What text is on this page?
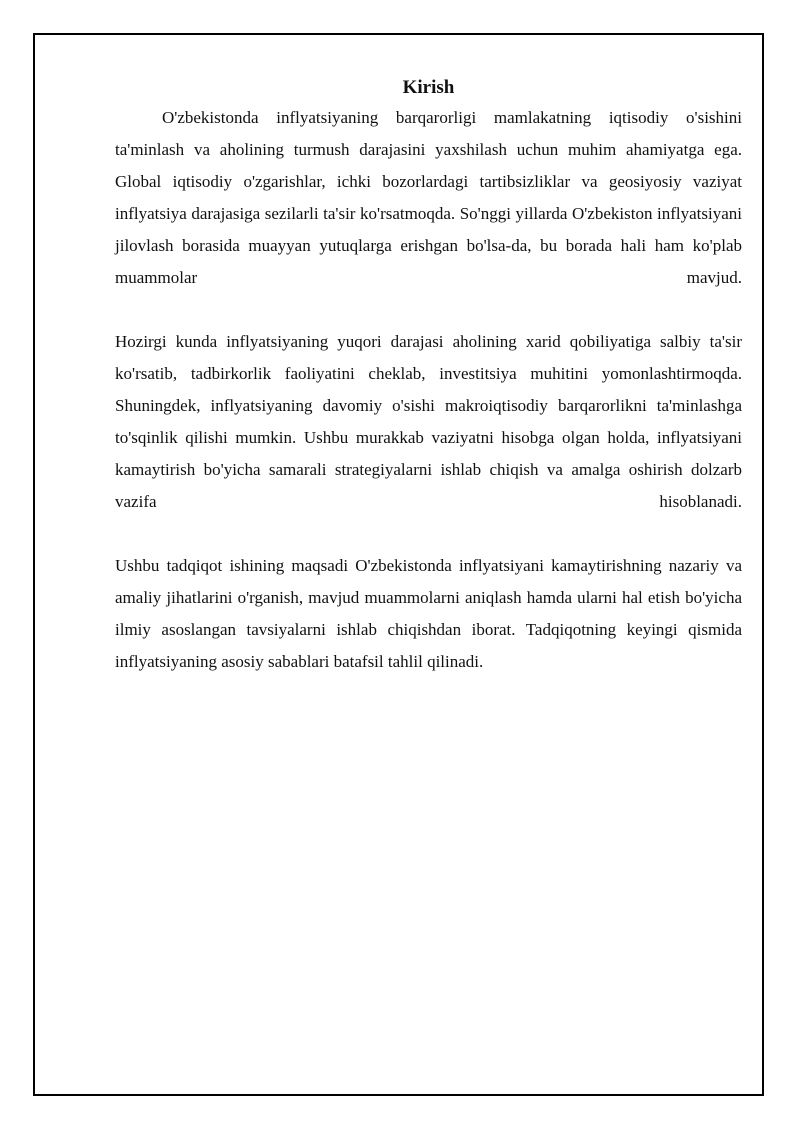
Kirish

O'zbekistonda inflyatsiyaning barqarorligi mamlakatning iqtisodiy o'sishini ta'minlash va aholining turmush darajasini yaxshilash uchun muhim ahamiyatga ega. Global iqtisodiy o'zgarishlar, ichki bozorlardagi tartibsizliklar va geosiyosiy vaziyat inflyatsiya darajasiga sezilarli ta'sir ko'rsatmoqda. So'nggi yillarda O'zbekiston inflyatsiyani jilovlash borasida muayyan yutuqlarga erishgan bo'lsa-da, bu borada hali ham ko'plab muammolar mavjud.

Hozirgi kunda inflyatsiyaning yuqori darajasi aholining xarid qobiliyatiga salbiy ta'sir ko'rsatib, tadbirkorlik faoliyatini cheklab, investitsiya muhitini yomonlashtirmoqda. Shuningdek, inflyatsiyaning davomiy o'sishi makroiqtisodiy barqarorlikni ta'minlashga to'sqinlik qilishi mumkin. Ushbu murakkab vaziyatni hisobga olgan holda, inflyatsiyani kamaytirish bo'yicha samarali strategiyalarni ishlab chiqish va amalga oshirish dolzarb vazifa hisoblanadi.

Ushbu tadqiqot ishining maqsadi O'zbekistonda inflyatsiyani kamaytirishning nazariy va amaliy jihatlarini o'rganish, mavjud muammolarni aniqlash hamda ularni hal etish bo'yicha ilmiy asoslangan tavsiyalarni ishlab chiqishdan iborat. Tadqiqotning keyingi qismida inflyatsiyaning asosiy sabablari batafsil tahlil qilinadi.
